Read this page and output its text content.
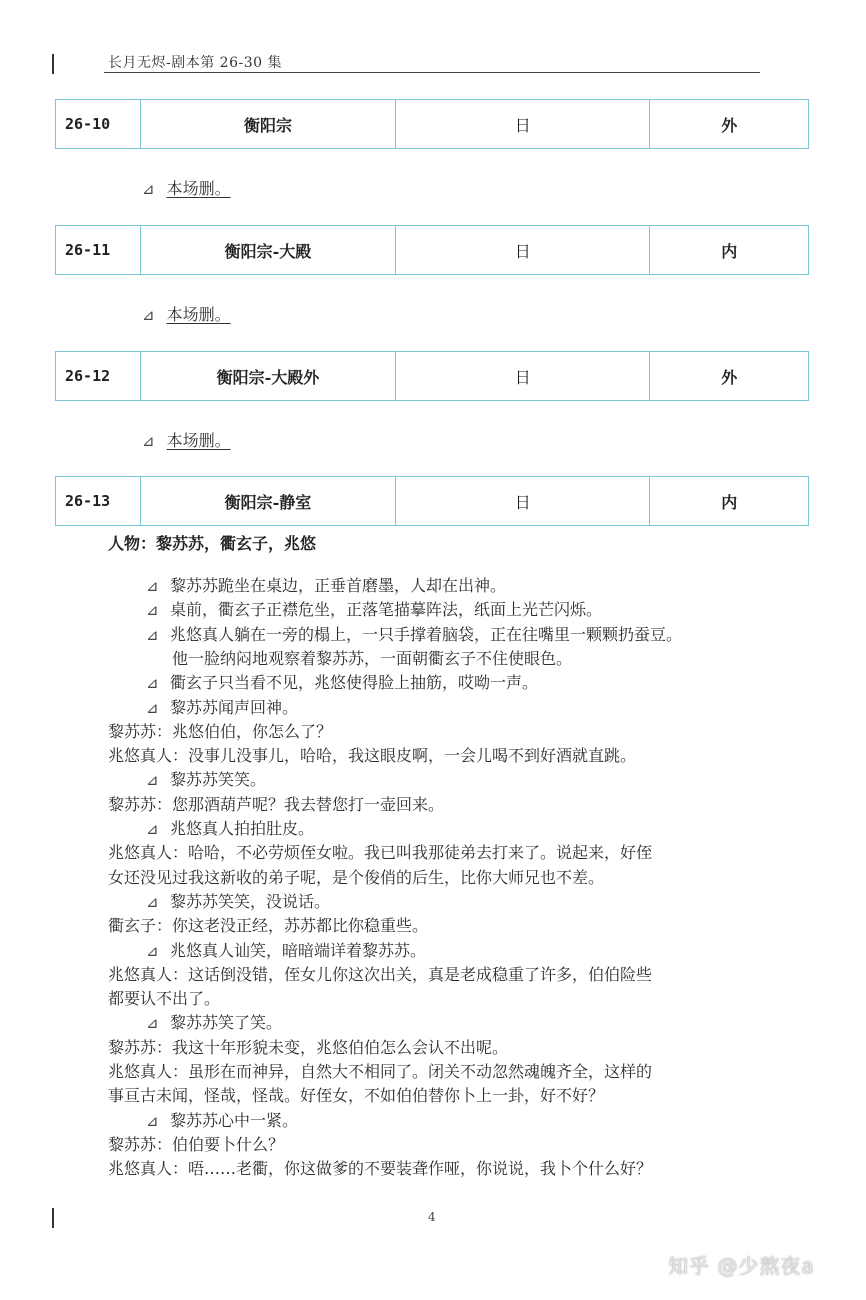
长月无烬-剧本第 26-30 集
26-10	衡阳宗	日	外
⊿ 本场删。
26-11	衡阳宗-大殿	日	内
⊿ 本场删。
26-12	衡阳宗-大殿外	日	外
⊿ 本场删。
26-13	衡阳宗-静室	日	内
人物：黎苏苏，衢玄子，兆悠
⊿ 黎苏苏跪坐在桌边，正垂首磨墨，人却在出神。
⊿ 桌前，衢玄子正襟危坐，正落笔描摹阵法，纸面上光芒闪烁。
⊿ 兆悠真人躺在一旁的榻上，一只手撑着脑袋，正在往嘴里一颗颗扔蚕豆。
他一脸纳闷地观察着黎苏苏，一面朝衢玄子不住使眼色。
⊿ 衢玄子只当看不见，兆悠使得脸上抽筋，哎呦一声。
⊿ 黎苏苏闻声回神。
黎苏苏：兆悠伯伯，你怎么了？
兆悠真人：没事儿没事儿，哈哈，我这眼皮啊，一会儿喝不到好酒就直跳。
⊿ 黎苏苏笑笑。
黎苏苏：您那酒葫芦呢？我去替您打一壶回来。
⊿ 兆悠真人拍拍肚皮。
兆悠真人：哈哈，不必劳烦侄女啦。我已叫我那徒弟去打来了。说起来，好侄
女还没见过我这新收的弟子呢，是个俊俏的后生，比你大师兄也不差。
⊿ 黎苏苏笑笑，没说话。
衢玄子：你这老没正经，苏苏都比你稳重些。
⊿ 兆悠真人讪笑，暗暗端详着黎苏苏。
兆悠真人：这话倒没错，侄女儿你这次出关，真是老成稳重了许多，伯伯险些
都要认不出了。
⊿ 黎苏苏笑了笑。
黎苏苏：我这十年形貌未变，兆悠伯伯怎么会认不出呢。
兆悠真人：虽形在而神异，自然大不相同了。闭关不动忽然魂魄齐全，这样的
事亘古未闻，怪哉，怪哉。好侄女，不如伯伯替你卜上一卦，好不好？
⊿ 黎苏苏心中一紧。
黎苏苏：伯伯要卜什么？
兆悠真人：唔……老衢，你这做爹的不要装聋作哑，你说说，我卜个什么好？
4
知乎 @少熬夜a
